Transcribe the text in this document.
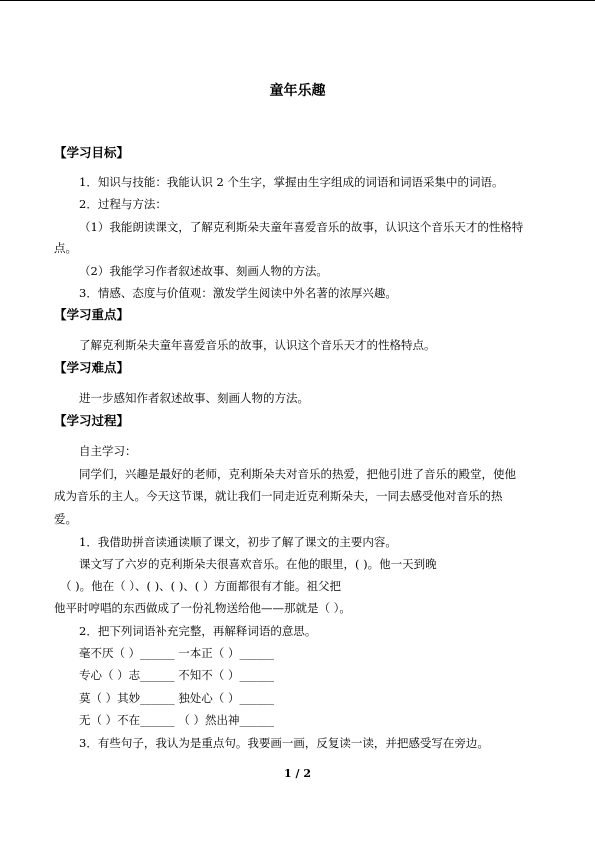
童年乐趣
【学习目标】
1．知识与技能：我能认识 2 个生字，掌握由生字组成的词语和词语采集中的词语。
2．过程与方法：
（1）我能朗读课文，了解克利斯朵夫童年喜爱音乐的故事，认识这个音乐天才的性格特
点。
（2）我能学习作者叙述故事、刻画人物的方法。
3．情感、态度与价值观：激发学生阅读中外名著的浓厚兴趣。
【学习重点】
了解克利斯朵夫童年喜爱音乐的故事，认识这个音乐天才的性格特点。
【学习难点】
进一步感知作者叙述故事、刻画人物的方法。
【学习过程】
自主学习：
同学们，兴趣是最好的老师，克利斯朵夫对音乐的热爱，把他引进了音乐的殿堂，使他
成为音乐的主人。今天这节课，就让我们一同走近克利斯朵夫，一同去感受他对音乐的热
爱。
1．我借助拼音读通读顺了课文，初步了解了课文的主要内容。
课文写了六岁的克利斯朵夫很喜欢音乐。在他的眼里，( )。他一天到晚
（ )。他在（ ）、( )、( )、( ）方面都很有才能。祖父把
他平时哼唱的东西做成了一份礼物送给他——那就是（ ）。
2．把下列词语补充完整，再解释词语的意思。
毫不厌（ ）______ 一本正（ ）______
专心（ ）志______ 不知不（ ）______
莫（ ）其妙______ 独处心（ ）______
无（ ）不在______ （ ）然出神______
3．有些句子，我认为是重点句。我要画一画，反复读一读，并把感受写在旁边。
1 / 2
